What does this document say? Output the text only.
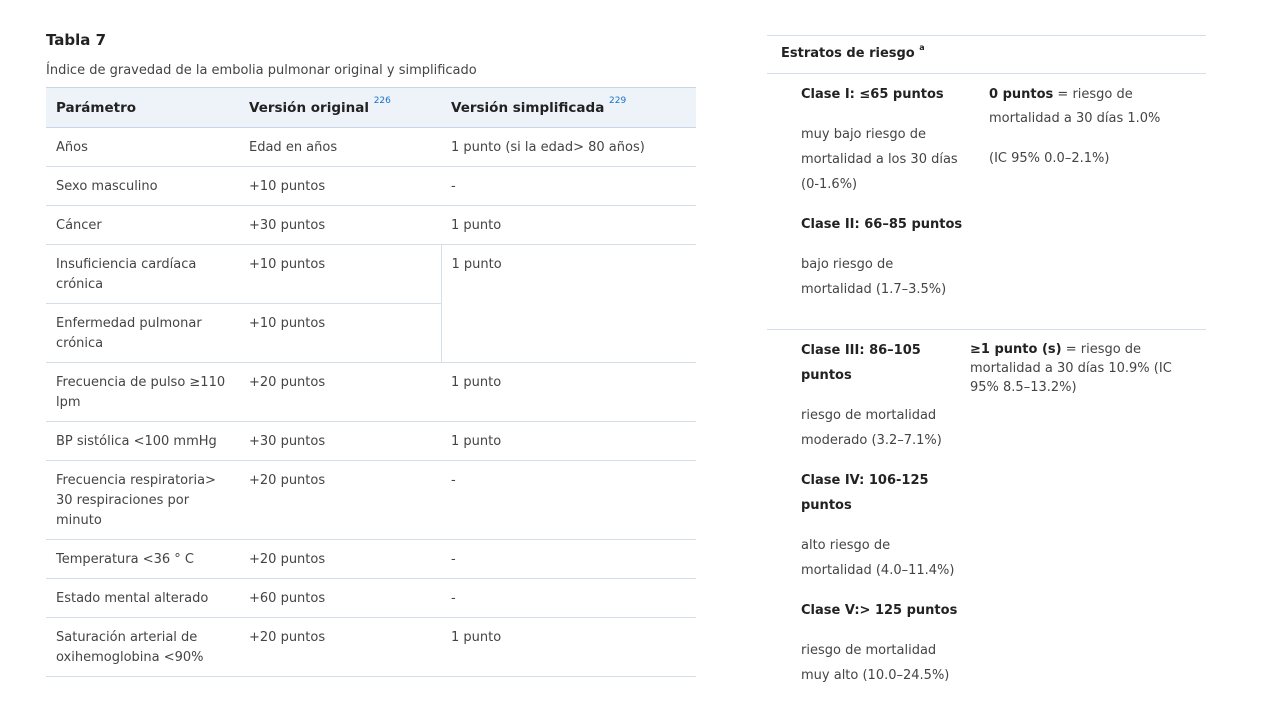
Tabla 7
Índice de gravedad de la embolia pulmonar original y simplificado
Parámetro	Versión original $^{226}$	Versión simplificada $^{229}$
Años	Edad en años	1 punto (si la edad> 80 años)
Sexo masculino	+10 puntos	-
Cáncer	+30 puntos	1 punto
Insuficiencia cardíaca crónica	+10 puntos	1 punto
Enfermedad pulmonar crónica	+10 puntos	
Frecuencia de pulso ≥110 lpm	+20 puntos	1 punto
BP sistólica <100 mmHg	+30 puntos	1 punto
Frecuencia respiratoria> 30 respiraciones por minuto	+20 puntos	-
Temperatura <36 ° C	+20 puntos	-
Estado mental alterado	+60 puntos	-
Saturación arterial de oxihemoglobina <90%	+20 puntos	1 punto
Estratos de riesgo $^a$

Clase I: ≤65 puntos

muy bajo riesgo de mortalidad a los 30 días (0-1.6%)

Clase II: 66–85 puntos

bajo riesgo de mortalidad (1.7–3.5%)

0 puntos = riesgo de mortalidad a 30 días 1.0%
(IC 95% 0.0–2.1%)

Clase III: 86–105 puntos

riesgo de mortalidad moderado (3.2–7.1%)

Clase IV: 106-125 puntos

alto riesgo de mortalidad (4.0–11.4%)

Clase V:> 125 puntos

riesgo de mortalidad muy alto (10.0–24.5%)

≥1 punto (s) = riesgo de mortalidad a 30 días 10.9% (IC 95% 8.5–13.2%)
